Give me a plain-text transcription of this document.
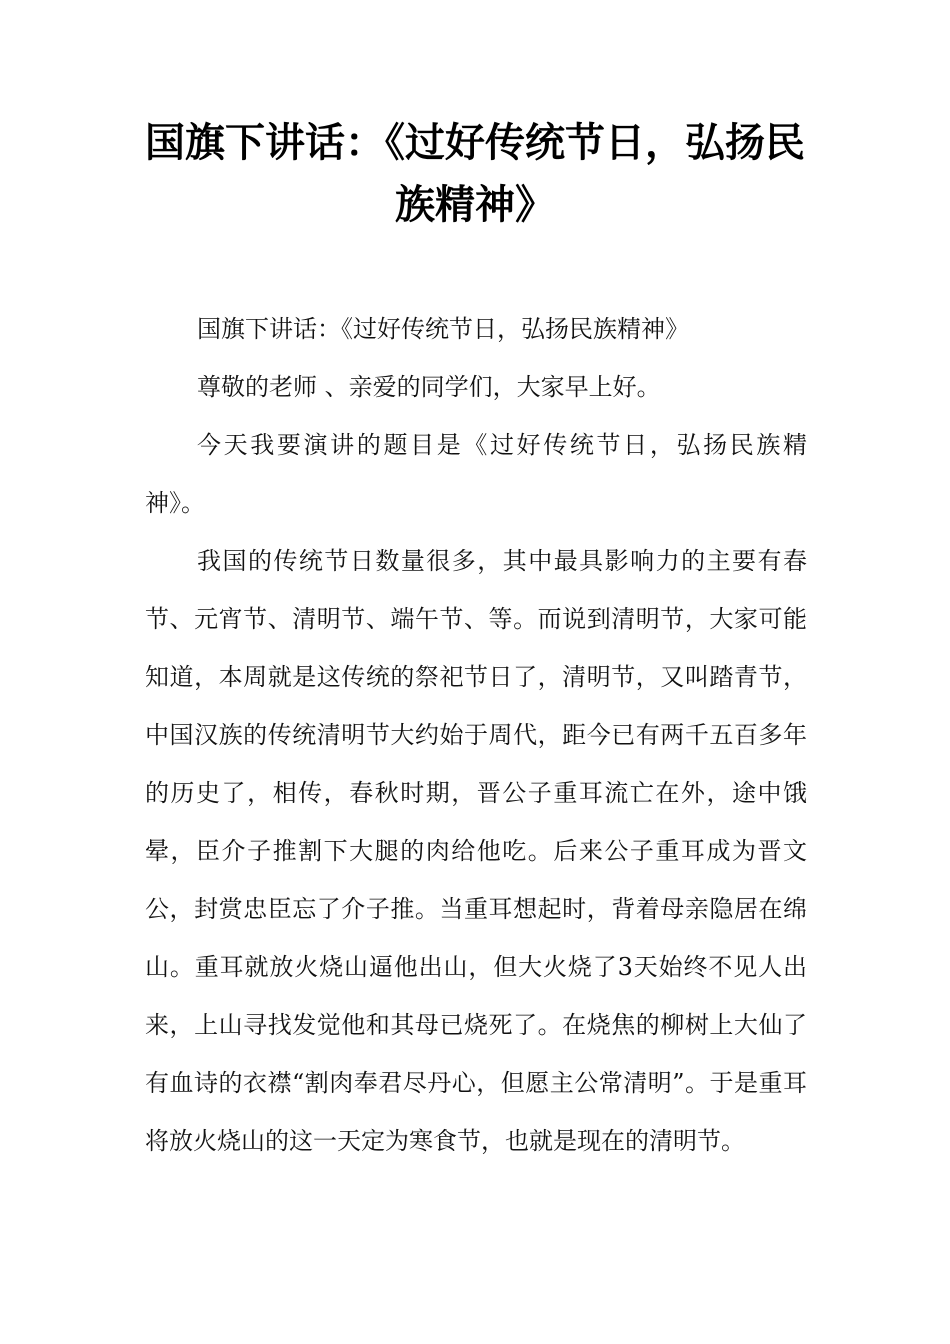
国旗下讲话：《过好传统节日，弘扬民
族精神》

国旗下讲话：《过好传统节日，弘扬民族精神》

尊敬的老师 、亲爱的同学们，大家早上好。

今天我要演讲的题目是《过好传统节日，弘扬民族精神》。

我国的传统节日数量很多，其中最具影响力的主要有春节、元宵节、清明节、端午节、等。而说到清明节，大家可能知道，本周就是这传统的祭祀节日了，清明节，又叫踏青节，中国汉族的传统清明节大约始于周代，距今已有两千五百多年的历史了，相传，春秋时期，晋公子重耳流亡在外，途中饿晕，臣介子推割下大腿的肉给他吃。后来公子重耳成为晋文公，封赏忠臣忘了介子推。当重耳想起时，背着母亲隐居在绵山。重耳就放火烧山逼他出山，但大火烧了3天始终不见人出来，上山寻找发觉他和其母已烧死了。在烧焦的柳树上大仙了有血诗的衣襟“割肉奉君尽丹心，但愿主公常清明”。于是重耳将放火烧山的这一天定为寒食节，也就是现在的清明节。
